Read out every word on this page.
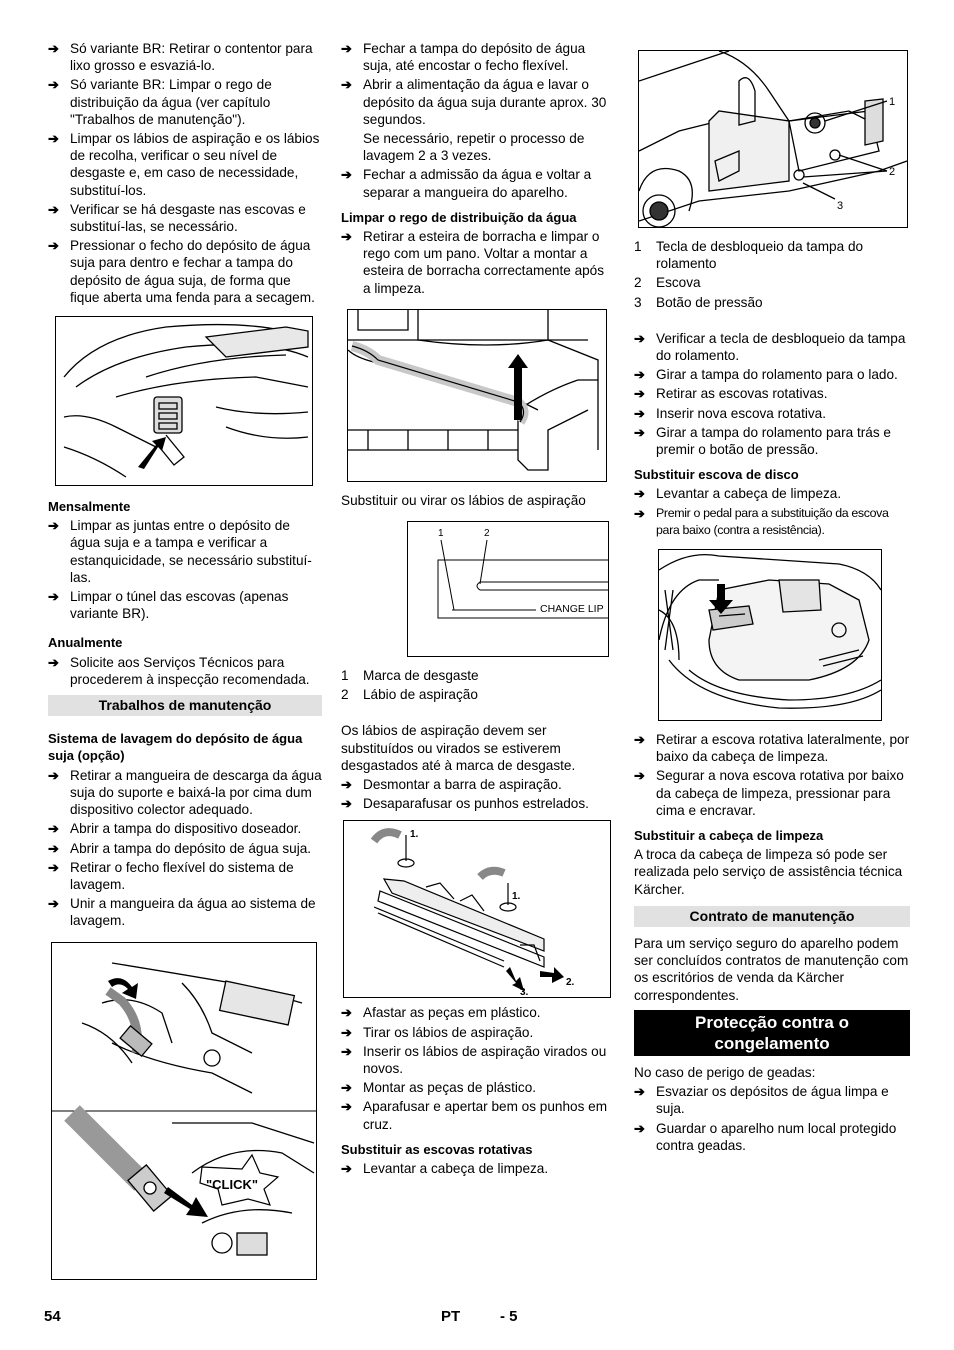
➔ Só variante BR: Retirar o contentor para lixo grosso e esvaziá-lo.
➔ Só variante BR: Limpar o rego de distribuição da água (ver capítulo "Trabalhos de manutenção").
➔ Limpar os lábios de aspiração e os lábios de recolha, verificar o seu nível de desgaste e, em caso de necessidade, substituí-los.
➔ Verificar se há desgaste nas escovas e substituí-las, se necessário.
➔ Pressionar o fecho do depósito de água suja para dentro e fechar a tampa do depósito de água suja, de forma que fique aberta uma fenda para a secagem.
Mensalmente
➔ Limpar as juntas entre o depósito de água suja e a tampa e verificar a estanquicidade, se necessário substituí-las.
➔ Limpar o túnel das escovas (apenas variante BR).
Anualmente
➔ Solicite aos Serviços Técnicos para procederem à inspecção recomendada.
Trabalhos de manutenção
Sistema de lavagem do depósito de água suja (opção)
➔ Retirar a mangueira de descarga da água suja do suporte e baixá-la por cima dum dispositivo colector adequado.
➔ Abrir a tampa do dispositivo doseador.
➔ Abrir a tampa do depósito de água suja.
➔ Retirar o fecho flexível do sistema de lavagem.
➔ Unir a mangueira da água ao sistema de lavagem.
"CLICK"
➔ Fechar a tampa do depósito de água suja, até encostar o fecho flexível.
➔ Abrir a alimentação da água e lavar o depósito da água suja durante aprox. 30 segundos.
Se necessário, repetir o processo de lavagem 2 a 3 vezes.
➔ Fechar a admissão da água e voltar a separar a mangueira do aparelho.
Limpar o rego de distribuição da água
➔ Retirar a esteira de borracha e limpar o rego com um pano. Voltar a montar a esteira de borracha correctamente após a limpeza.
Substituir ou virar os lábios de aspiração
1	2
CHANGE LIP
1 Marca de desgaste
2 Lábio de aspiração
Os lábios de aspiração devem ser substituídos ou virados se estiverem desgastados até à marca de desgaste.
➔ Desmontar a barra de aspiração.
➔ Desaparafusar os punhos estrelados.
1.
1.
2.
3.
➔ Afastar as peças em plástico.
➔ Tirar os lábios de aspiração.
➔ Inserir os lábios de aspiração virados ou novos.
➔ Montar as peças de plástico.
➔ Aparafusar e apertar bem os punhos em cruz.
Substituir as escovas rotativas
➔ Levantar a cabeça de limpeza.
1
2
3
1 Tecla de desbloqueio da tampa do rolamento
2 Escova
3 Botão de pressão
➔ Verificar a tecla de desbloqueio da tampa do rolamento.
➔ Girar a tampa do rolamento para o lado.
➔ Retirar as escovas rotativas.
➔ Inserir nova escova rotativa.
➔ Girar a tampa do rolamento para trás e premir o botão de pressão.
Substituir escova de disco
➔ Levantar a cabeça de limpeza.
➔ Premir o pedal para a substituição da escova para baixo (contra a resistência).
➔ Retirar a escova rotativa lateralmente, por baixo da cabeça de limpeza.
➔ Segurar a nova escova rotativa por baixo da cabeça de limpeza, pressionar para cima e encravar.
Substituir a cabeça de limpeza
A troca da cabeça de limpeza só pode ser realizada pelo serviço de assistência técnica Kärcher.
Contrato de manutenção
Para um serviço seguro do aparelho podem ser concluídos contratos de manutenção com os escritórios de venda da Kärcher correspondentes.
Protecção contra o congelamento
No caso de perigo de geadas:
➔ Esvaziar os depósitos de água limpa e suja.
➔ Guardar o aparelho num local protegido contra geadas.
54	PT	- 5
